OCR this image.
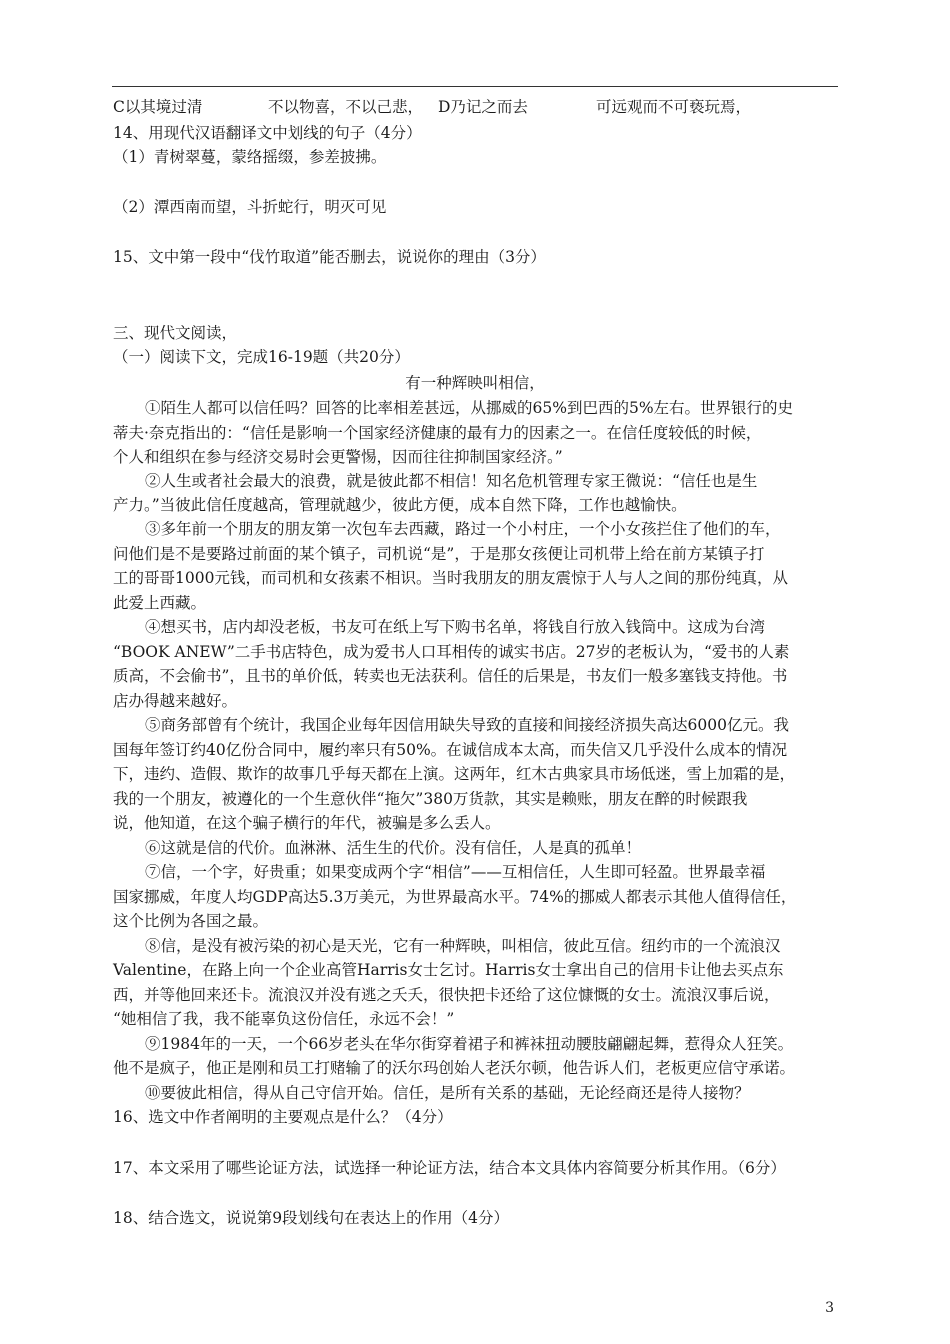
C以其境过清	不以物喜，不以己悲， D乃记之而去	可远观而不可亵玩焉，
14、用现代汉语翻译文中划线的句子（4分）
（1）青树翠蔓，蒙络摇缀，参差披拂。
（2）潭西南而望，斗折蛇行，明灭可见
15、文中第一段中“伐竹取道”能否删去，说说你的理由（3分）
三、现代文阅读，
（一）阅读下文，完成16-19题（共20分）
有一种辉映叫相信，
①陌生人都可以信任吗？回答的比率相差甚远，从挪威的65%到巴西的5%左右。世界银行的史
蒂夫·奈克指出的：“信任是影响一个国家经济健康的最有力的因素之一。在信任度较低的时候，
个人和组织在参与经济交易时会更警惕，因而往往抑制国家经济。”
②人生或者社会最大的浪费，就是彼此都不相信！知名危机管理专家王微说：“信任也是生
产力。”当彼此信任度越高，管理就越少，彼此方便，成本自然下降，工作也越愉快。
③多年前一个朋友的朋友第一次包车去西藏，路过一个小村庄，一个小女孩拦住了他们的车，
问他们是不是要路过前面的某个镇子，司机说“是”，于是那女孩便让司机带上给在前方某镇子打
工的哥哥1000元钱，而司机和女孩素不相识。当时我朋友的朋友震惊于人与人之间的那份纯真，从
此爱上西藏。
④想买书，店内却没老板，书友可在纸上写下购书名单，将钱自行放入钱筒中。这成为台湾
“BOOK ANEW”二手书店特色，成为爱书人口耳相传的诚实书店。27岁的老板认为，“爱书的人素
质高，不会偷书”，且书的单价低，转卖也无法获利。信任的后果是，书友们一般多塞钱支持他。书
店办得越来越好。
⑤商务部曾有个统计，我国企业每年因信用缺失导致的直接和间接经济损失高达6000亿元。我
国每年签订约40亿份合同中，履约率只有50%。在诚信成本太高，而失信又几乎没什么成本的情况
下，违约、造假、欺诈的故事几乎每天都在上演。这两年，红木古典家具市场低迷，雪上加霜的是，
我的一个朋友，被遵化的一个生意伙伴“拖欠”380万货款，其实是赖账，朋友在醉的时候跟我
说，他知道，在这个骗子横行的年代，被骗是多么丢人。
⑥这就是信的代价。血淋淋、活生生的代价。没有信任，人是真的孤单！
⑦信，一个字，好贵重；如果变成两个字“相信”——互相信任，人生即可轻盈。世界最幸福
国家挪威，年度人均GDP高达5.3万美元，为世界最高水平。74%的挪威人都表示其他人值得信任，
这个比例为各国之最。
⑧信，是没有被污染的初心是天光，它有一种辉映，叫相信，彼此互信。纽约市的一个流浪汉
Valentine，在路上向一个企业高管Harris女士乞讨。Harris女士拿出自己的信用卡让他去买点东
西，并等他回来还卡。流浪汉并没有逃之夭夭，很快把卡还给了这位慷慨的女士。流浪汉事后说，
“她相信了我，我不能辜负这份信任，永远不会！”
⑨1984年的一天，一个66岁老头在华尔街穿着裙子和裤袜扭动腰肢翩翩起舞，惹得众人狂笑。
他不是疯子，他正是刚和员工打赌输了的沃尔玛创始人老沃尔顿，他告诉人们，老板更应信守承诺。
⑩要彼此相信，得从自己守信开始。信任，是所有关系的基础，无论经商还是待人接物？
16、选文中作者阐明的主要观点是什么？（4分）
17、本文采用了哪些论证方法，试选择一种论证方法，结合本文具体内容简要分析其作用。（6分）
18、结合选文，说说第9段划线句在表达上的作用（4分）
3
